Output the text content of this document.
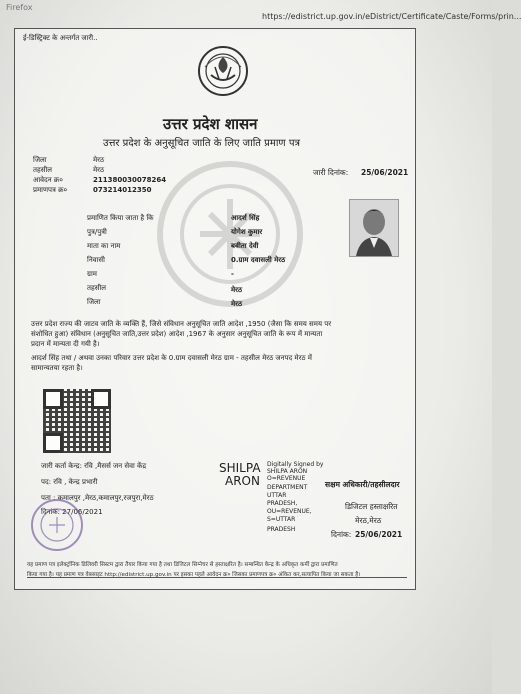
Firefox
https://edistrict.up.gov.in/eDistrict/Certificate/Caste/Forms/prin...
ई-डिस्ट्रिक्ट के अन्तर्गत जारी..
उत्तर प्रदेश शासन
उत्तर प्रदेश के अनुसूचित जाति के लिए जाति प्रमाण पत्र
जिला	मेरठ
तहसील	मेरठ
आवेदन क्र०	211380030078264
प्रमाणपत्र क्र०	073214012350
जारी दिनांक: 25/06/2021
प्रमाणित किया जाता है कि	आदर्श सिंह
पुत्र/पुत्री	योगेश कुमार
माता का नाम	बबीता देवी
निवासी	0.ग्राम दवासली मेरठ
ग्राम	-
तहसील	मेरठ
जिला	मेरठ
उत्तर प्रदेश राज्य की जाटव जाति के व्यक्ति हैं, जिसे संविधान अनुसूचित जाति आदेश ,1950 (जैसा कि समय समय पर
संशोधित हुआ) संविधान (अनुसूचित जाति,उत्तर प्रदेश) आदेश ,1967 के अनुसार अनुसूचित जाति के रूप में मान्यता
प्रदान में मान्यता दी गयी है।
आदर्श सिंह तथा / अथवा उनका परिवार उत्तर प्रदेश के 0.ग्राम दवासली मेरठ ग्राम - तहसील मेरठ जनपद मेरठ में
सामान्यतया रहता है।
जारी कर्ता केन्द्र: रवि ,मैसर्स जन सेवा केंद्र
पद: रवि , केन्द्र प्रभारी
पता : कमालपुर ,मेरठ,कमालपुर,रजपुरा,मेरठ
दिनांक: 27/06/2021
SHILPA
ARON
Digitally Signed by
SHILPA ARON
O=REVENUE
DEPARTMENT
UTTAR
PRADESH,
OU=REVENUE,
S=UTTAR
PRADESH
सक्षम अधिकारी/तहसीलदार
डिजिटल हस्ताक्षरित
मेरठ,मेरठ
दिनांक: 25/06/2021
यह प्रमाण पत्र इलेक्ट्रॉनिक डिलिवरी सिस्टम द्वारा तैयार किया गया है तथा डिजिटल सिग्नेचर से हस्ताक्षरित है। सम्बन्धित केन्द्र के अधिकृत कर्मी द्वारा प्रमाणित
किया गया है। यह प्रमाण पत्र वेबसाइट http://edistrict.up.gov.in पर इसका पहले आवेदन क्र० जिसका प्रमाणपत्र क्र० अंकित कर,सत्यापित किया जा सकता है।
